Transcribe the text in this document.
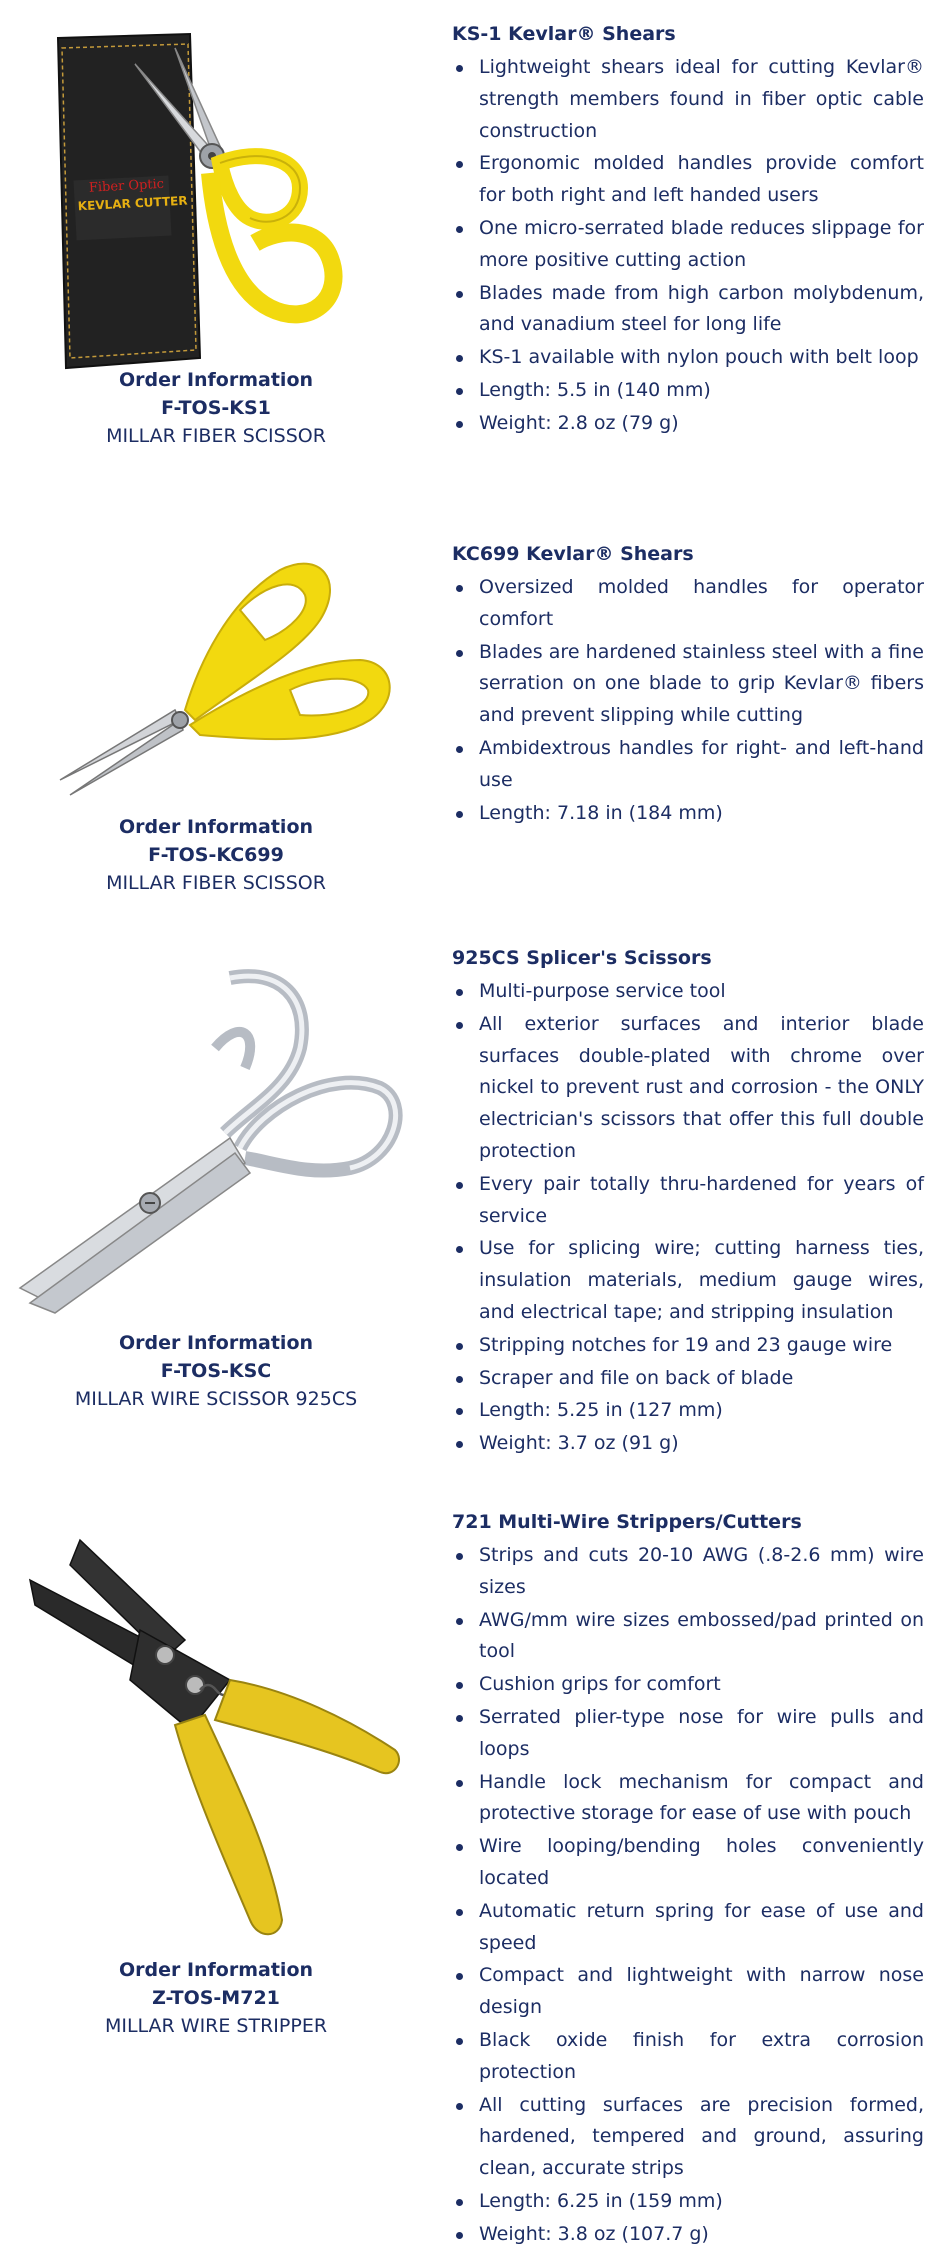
Fiber Optic
KEVLAR CUTTER
Order Information
F-TOS-KS1
MILLAR FIBER SCISSOR
KS-1 Kevlar® Shears
Lightweight shears ideal for cutting Kevlar® strength members found in fiber optic cable construction
Ergonomic molded handles provide comfort for both right and left handed users
One micro-serrated blade reduces slippage for more positive cutting action
Blades made from high carbon molybdenum, and vanadium steel for long life
KS-1 available with nylon pouch with belt loop
Length: 5.5 in (140 mm)
Weight: 2.8 oz (79 g)
Order Information
F-TOS-KC699
MILLAR FIBER SCISSOR
KC699 Kevlar® Shears
Oversized molded handles for operator comfort
Blades are hardened stainless steel with a fine serration on one blade to grip Kevlar® fibers and prevent slipping while cutting
Ambidextrous handles for right- and left-hand use
Length: 7.18 in (184 mm)
Order Information
F-TOS-KSC
MILLAR WIRE SCISSOR 925CS
925CS Splicer's Scissors
Multi-purpose service tool
All exterior surfaces and interior blade surfaces double-plated with chrome over nickel to prevent rust and corrosion - the ONLY electrician's scissors that offer this full double protection
Every pair totally thru-hardened for years of service
Use for splicing wire; cutting harness ties, insulation materials, medium gauge wires, and electrical tape; and stripping insulation
Stripping notches for 19 and 23 gauge wire
Scraper and file on back of blade
Length: 5.25 in (127 mm)
Weight: 3.7 oz (91 g)
Order Information
Z-TOS-M721
MILLAR WIRE STRIPPER
721 Multi-Wire Strippers/Cutters
Strips and cuts 20-10 AWG (.8-2.6 mm) wire sizes
AWG/mm wire sizes embossed/pad printed on tool
Cushion grips for comfort
Serrated plier-type nose for wire pulls and loops
Handle lock mechanism for compact and protective storage for ease of use with pouch
Wire looping/bending holes conveniently located
Automatic return spring for ease of use and speed
Compact and lightweight with narrow nose design
Black oxide finish for extra corrosion protection
All cutting surfaces are precision formed, hardened, tempered and ground, assuring clean, accurate strips
Length: 6.25 in (159 mm)
Weight: 3.8 oz (107.7 g)
